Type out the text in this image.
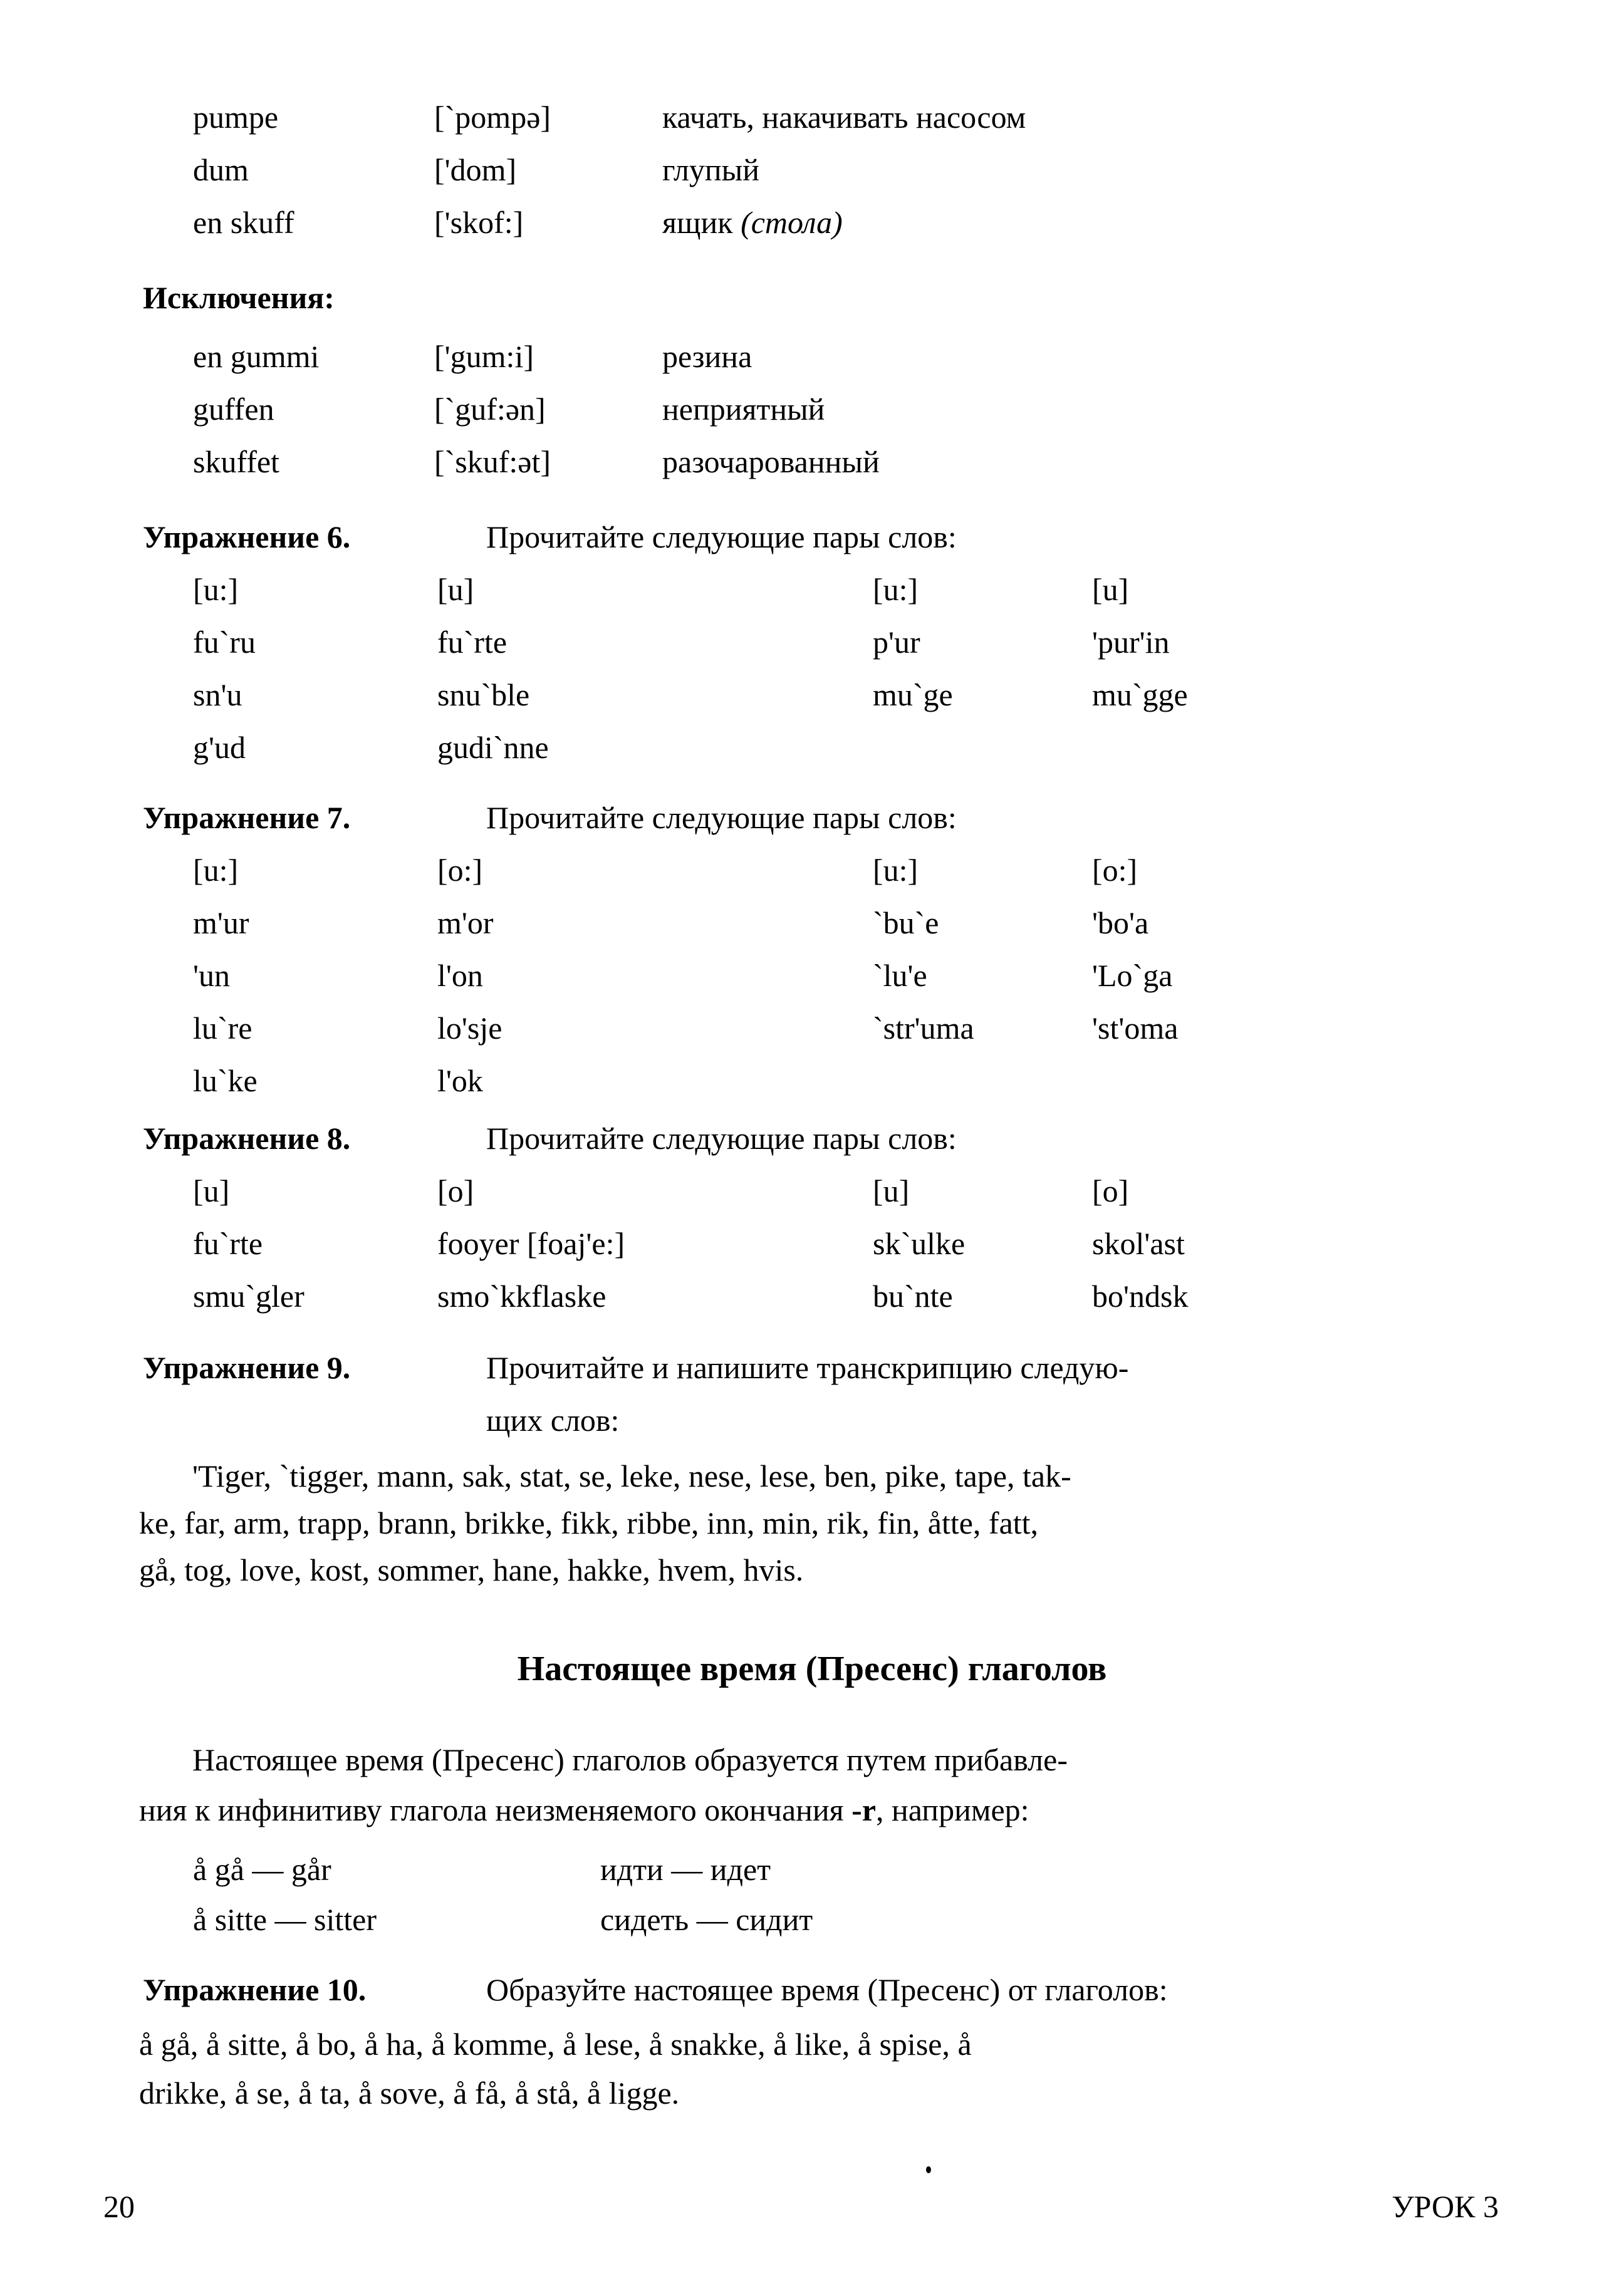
pumpe	[`pompə]	качать, накачивать насосом
dum	['dom]	глупый
en skuff	['skof:]	ящик (стола)
Исключения:
en gummi	['gum:i]	резина
guffen	[`guf:ən]	неприятный
skuffet	[`skuf:ət]	разочарованный
Упражнение 6.	Прочитайте следующие пары слов:
[u:]	[u]	[u:]	[u]
fu`ru	fu`rte	p'ur	'pur'in
sn'u	snu`ble	mu`ge	mu`gge
g'ud	gudi`nne
Упражнение 7.	Прочитайте следующие пары слов:
[u:]	[o:]	[u:]	[o:]
m'ur	m'or	`bu`e	'bo'a
'un	l'on	`lu'e	'Lo`ga
lu`re	lo'sje	`str'uma	'st'oma
lu`ke	l'ok
Упражнение 8.	Прочитайте следующие пары слов:
[u]	[o]	[u]	[o]
fu`rte	fooyer [foaj'e:]	sk`ulke	skol'ast
smu`gler	smo`kkflaske	bu`nte	bo'ndsk
Упражнение 9.	Прочитайте и напишите транскрипцию следую-
щих слов:
'Tiger, `tigger, mann, sak, stat, se, leke, nese, lese, ben, pike, tape, tak-
ke, far, arm, trapp, brann, brikke, fikk, ribbe, inn, min, rik, fin, åtte, fatt,
gå, tog, love, kost, sommer, hane, hakke, hvem, hvis.
Настоящее время (Пресенс) глаголов
Настоящее время (Пресенс) глаголов образуется путем прибавле-
ния к инфинитиву глагола неизменяемого окончания -r, например:
å gå — går	идти — идет
å sitte — sitter	сидеть — сидит
Упражнение 10.	Образуйте настоящее время (Пресенс) от глаголов:
å gå, å sitte, å bo, å ha, å komme, å lese, å snakke, å like, å spise, å
drikke, å se, å ta, å sove, å få, å stå, å ligge.
20	УРОК 3
